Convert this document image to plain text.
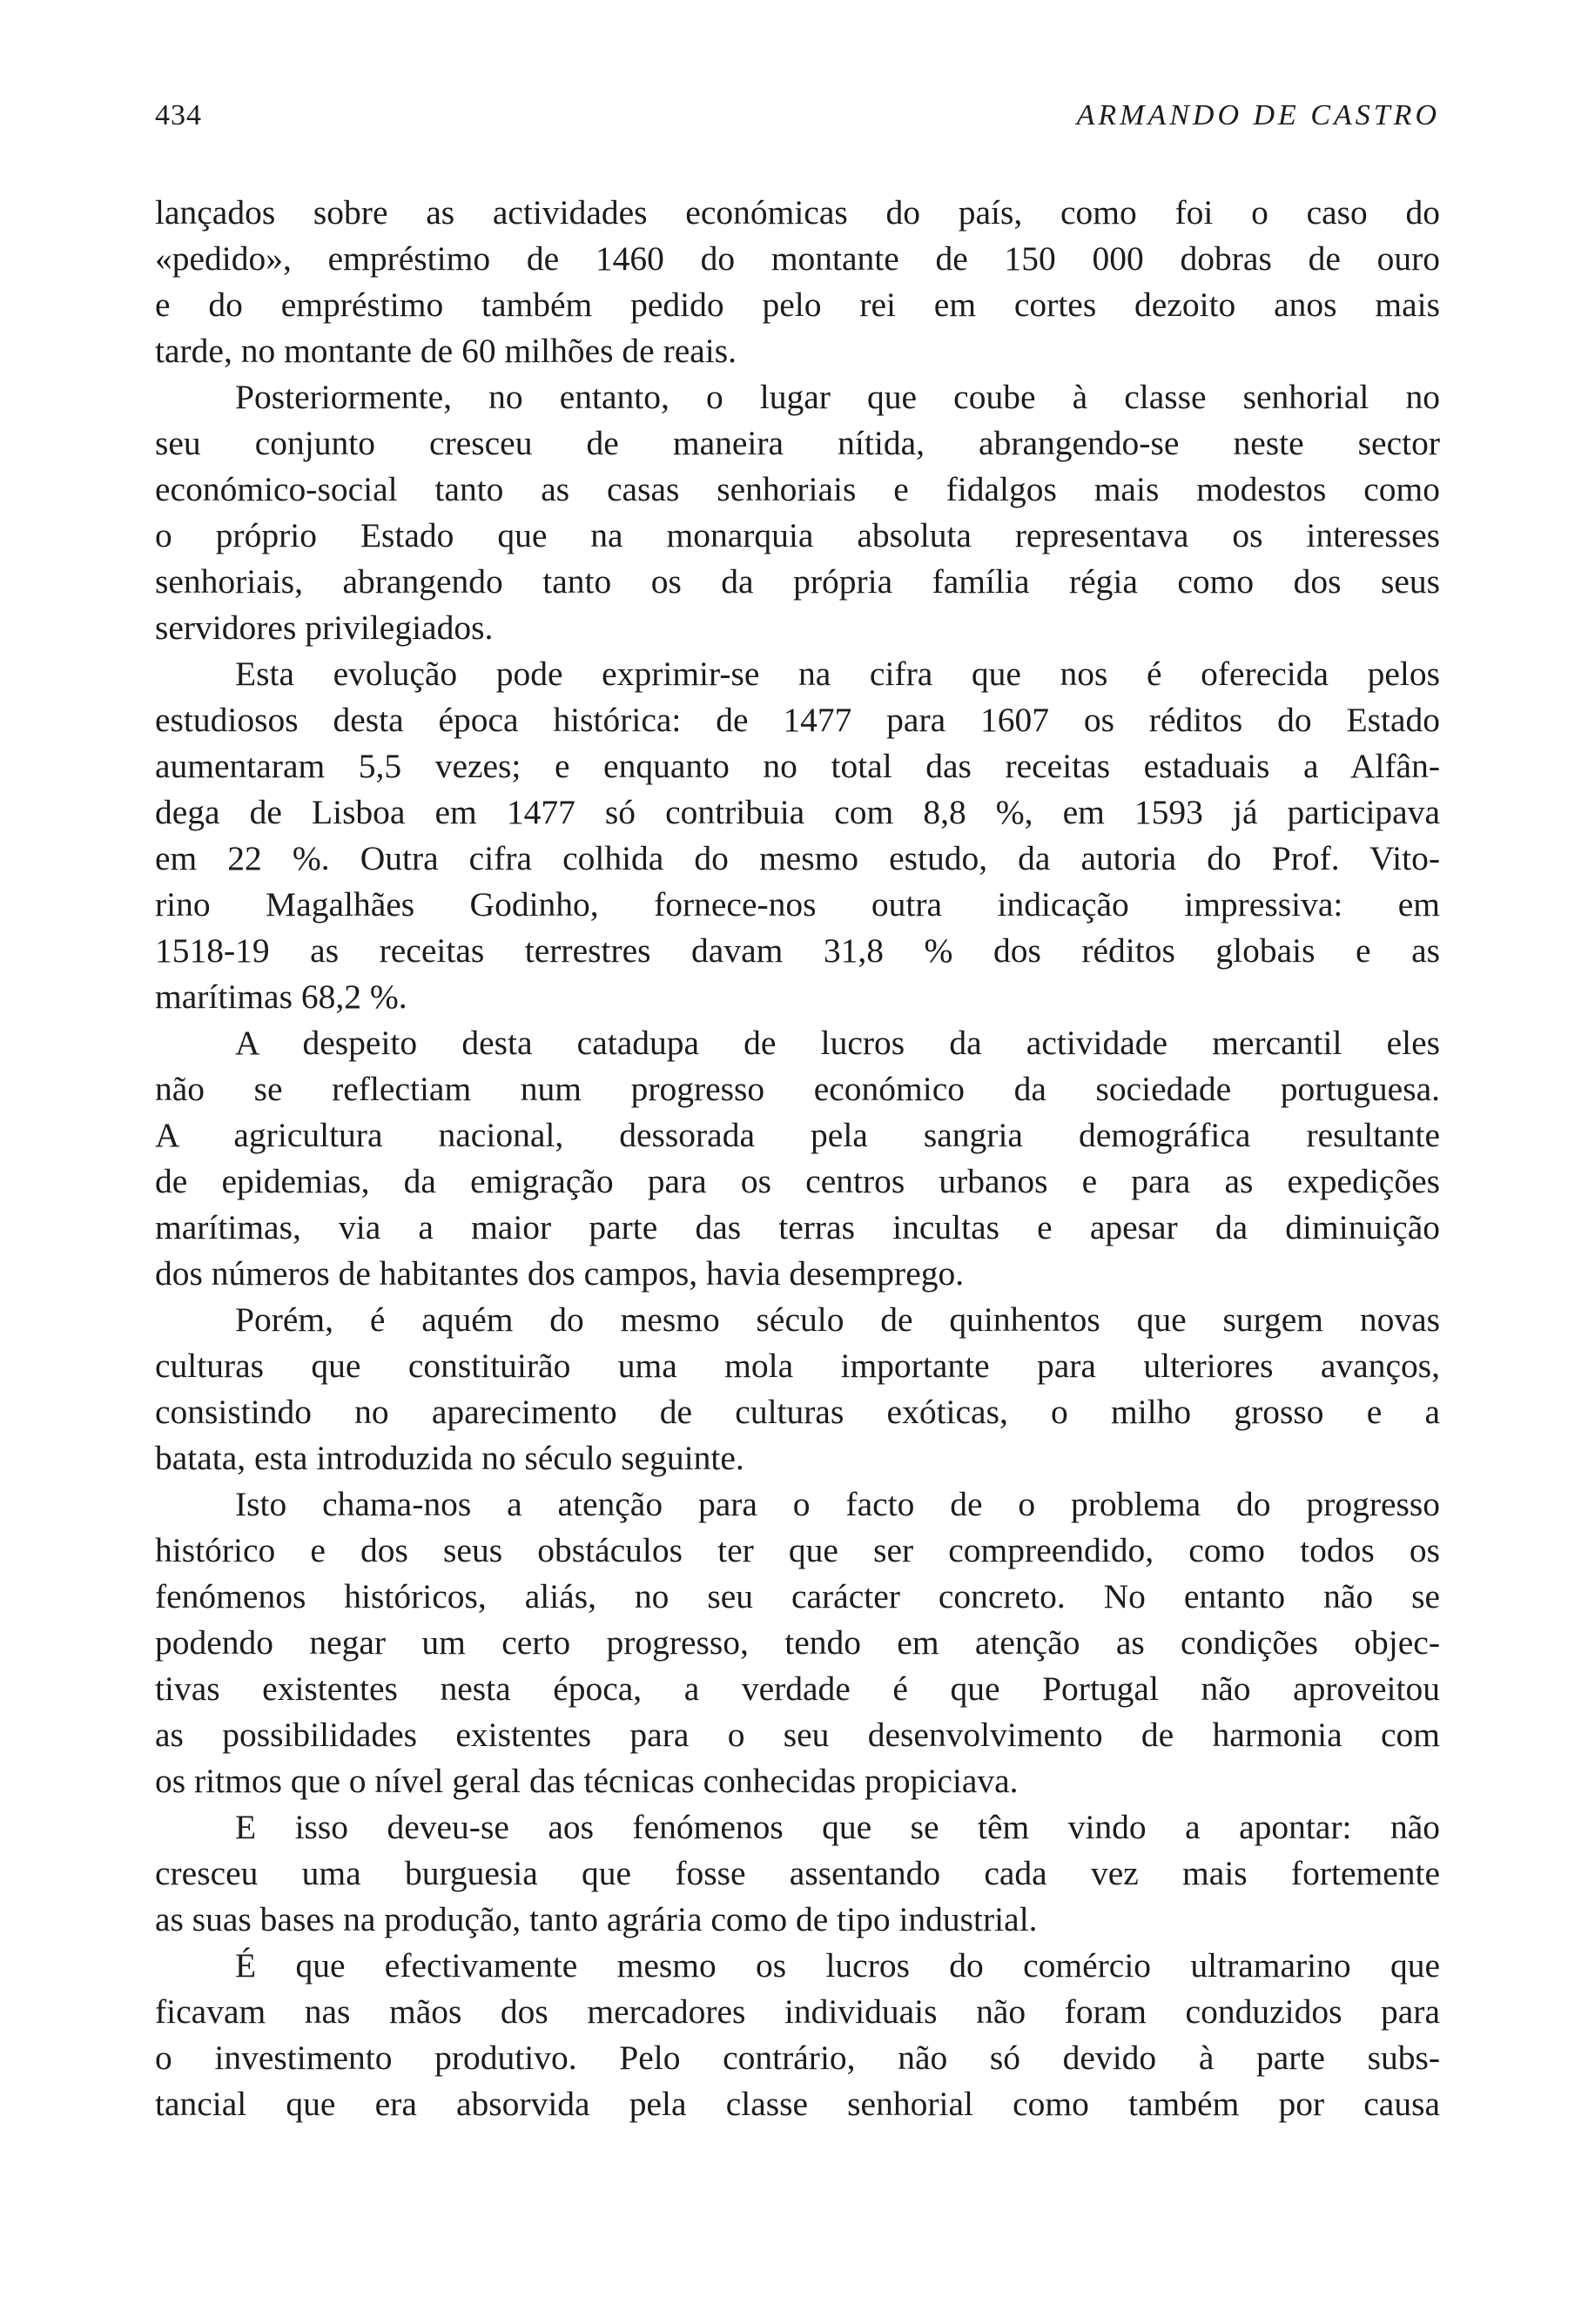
434	ARMANDO DE CASTRO
lançados sobre as actividades económicas do país, como foi o caso do
«pedido», empréstimo de 1460 do montante de 150 000 dobras de ouro
e do empréstimo também pedido pelo rei em cortes dezoito anos mais
tarde, no montante de 60 milhões de reais.
Posteriormente, no entanto, o lugar que coube à classe senhorial no
seu conjunto cresceu de maneira nítida, abrangendo-se neste sector
económico-social tanto as casas senhoriais e fidalgos mais modestos como
o próprio Estado que na monarquia absoluta representava os interesses
senhoriais, abrangendo tanto os da própria família régia como dos seus
servidores privilegiados.
Esta evolução pode exprimir-se na cifra que nos é oferecida pelos
estudiosos desta época histórica: de 1477 para 1607 os réditos do Estado
aumentaram 5,5 vezes; e enquanto no total das receitas estaduais a Alfân-
dega de Lisboa em 1477 só contribuia com 8,8 %, em 1593 já participava
em 22 %. Outra cifra colhida do mesmo estudo, da autoria do Prof. Vito-
rino Magalhães Godinho, fornece-nos outra indicação impressiva: em
1518-19 as receitas terrestres davam 31,8 % dos réditos globais e as
marítimas 68,2 %.
A despeito desta catadupa de lucros da actividade mercantil eles
não se reflectiam num progresso económico da sociedade portuguesa.
A agricultura nacional, dessorada pela sangria demográfica resultante
de epidemias, da emigração para os centros urbanos e para as expedições
marítimas, via a maior parte das terras incultas e apesar da diminuição
dos números de habitantes dos campos, havia desemprego.
Porém, é aquém do mesmo século de quinhentos que surgem novas
culturas que constituirão uma mola importante para ulteriores avanços,
consistindo no aparecimento de culturas exóticas, o milho grosso e a
batata, esta introduzida no século seguinte.
Isto chama-nos a atenção para o facto de o problema do progresso
histórico e dos seus obstáculos ter que ser compreendido, como todos os
fenómenos históricos, aliás, no seu carácter concreto. No entanto não se
podendo negar um certo progresso, tendo em atenção as condições objec-
tivas existentes nesta época, a verdade é que Portugal não aproveitou
as possibilidades existentes para o seu desenvolvimento de harmonia com
os ritmos que o nível geral das técnicas conhecidas propiciava.
E isso deveu-se aos fenómenos que se têm vindo a apontar: não
cresceu uma burguesia que fosse assentando cada vez mais fortemente
as suas bases na produção, tanto agrária como de tipo industrial.
É que efectivamente mesmo os lucros do comércio ultramarino que
ficavam nas mãos dos mercadores individuais não foram conduzidos para
o investimento produtivo. Pelo contrário, não só devido à parte subs-
tancial que era absorvida pela classe senhorial como também por causa
